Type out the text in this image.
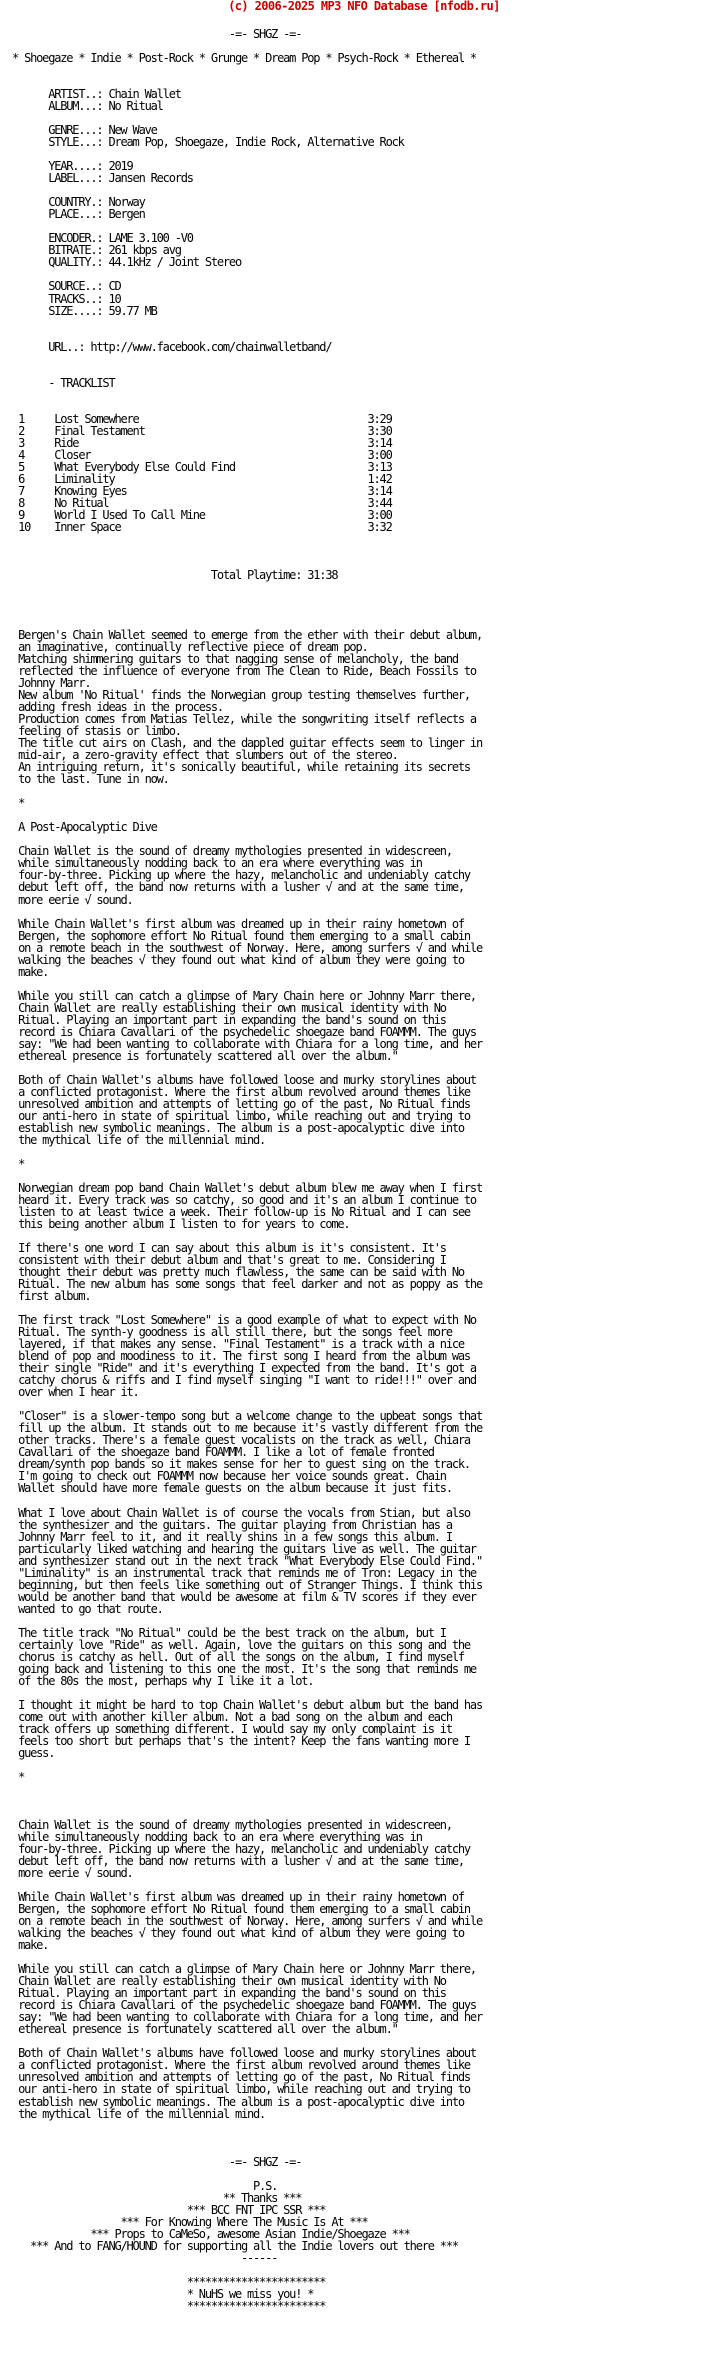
(c) 2006-2025 MP3 NFO Database [nfodb.ru]
-=- SHGZ -=-
* Shoegaze * Indie * Post-Rock * Grunge * Dream Pop * Psych-Rock * Ethereal *
ARTIST..: Chain Wallet
ALBUM...: No Ritual
GENRE...: New Wave
STYLE...: Dream Pop, Shoegaze, Indie Rock, Alternative Rock
YEAR....: 2019
LABEL...: Jansen Records
COUNTRY.: Norway
PLACE...: Bergen
ENCODER.: LAME 3.100 -V0
BITRATE.: 261 kbps avg
QUALITY.: 44.1kHz / Joint Stereo
SOURCE..: CD
TRACKS..: 10
SIZE....: 59.77 MB
URL..: http://www.facebook.com/chainwalletband/
- TRACKLIST
1     Lost Somewhere                                      3:29
2     Final Testament                                     3:30
3     Ride                                                3:14
4     Closer                                              3:00
5     What Everybody Else Could Find                      3:13
6     Liminality                                          1:42
7     Knowing Eyes                                        3:14
8     No Ritual                                           3:44
9     World I Used To Call Mine                           3:00
10    Inner Space                                         3:32
Total Playtime: 31:38
Bergen's Chain Wallet seemed to emerge from the ether with their debut album,
an imaginative, continually reflective piece of dream pop.
Matching shimmering guitars to that nagging sense of melancholy, the band
reflected the influence of everyone from The Clean to Ride, Beach Fossils to
Johnny Marr.
New album 'No Ritual' finds the Norwegian group testing themselves further,
adding fresh ideas in the process.
Production comes from Matias Tellez, while the songwriting itself reflects a
feeling of stasis or limbo.
The title cut airs on Clash, and the dappled guitar effects seem to linger in
mid-air, a zero-gravity effect that slumbers out of the stereo.
An intriguing return, it's sonically beautiful, while retaining its secrets
to the last. Tune in now.
*
A Post-Apocalyptic Dive
Chain Wallet is the sound of dreamy mythologies presented in widescreen,
while simultaneously nodding back to an era where everything was in
four-by-three. Picking up where the hazy, melancholic and undeniably catchy
debut left off, the band now returns with a lusher √ and at the same time,
more eerie √ sound.
While Chain Wallet's first album was dreamed up in their rainy hometown of
Bergen, the sophomore effort No Ritual found them emerging to a small cabin
on a remote beach in the southwest of Norway. Here, among surfers √ and while
walking the beaches √ they found out what kind of album they were going to
make.
While you still can catch a glimpse of Mary Chain here or Johnny Marr there,
Chain Wallet are really establishing their own musical identity with No
Ritual. Playing an important part in expanding the band's sound on this
record is Chiara Cavallari of the psychedelic shoegaze band FOAMMM. The guys
say: "We had been wanting to collaborate with Chiara for a long time, and her
ethereal presence is fortunately scattered all over the album."
Both of Chain Wallet's albums have followed loose and murky storylines about
a conflicted protagonist. Where the first album revolved around themes like
unresolved ambition and attempts of letting go of the past, No Ritual finds
our anti-hero in state of spiritual limbo, while reaching out and trying to
establish new symbolic meanings. The album is a post-apocalyptic dive into
the mythical life of the millennial mind.
*
Norwegian dream pop band Chain Wallet's debut album blew me away when I first
heard it. Every track was so catchy, so good and it's an album I continue to
listen to at least twice a week. Their follow-up is No Ritual and I can see
this being another album I listen to for years to come.
If there's one word I can say about this album is it's consistent. It's
consistent with their debut album and that's great to me. Considering I
thought their debut was pretty much flawless, the same can be said with No
Ritual. The new album has some songs that feel darker and not as poppy as the
first album.
The first track "Lost Somewhere" is a good example of what to expect with No
Ritual. The synth-y goodness is all still there, but the songs feel more
layered, if that makes any sense. "Final Testament" is a track with a nice
blend of pop and moodiness to it. The first song I heard from the album was
their single "Ride" and it's everything I expected from the band. It's got a
catchy chorus & riffs and I find myself singing "I want to ride!!!" over and
over when I hear it.
"Closer" is a slower-tempo song but a welcome change to the upbeat songs that
fill up the album. It stands out to me because it's vastly different from the
other tracks. There's a female guest vocalists on the track as well, Chiara
Cavallari of the shoegaze band FOAMMM. I like a lot of female fronted
dream/synth pop bands so it makes sense for her to guest sing on the track.
I'm going to check out FOAMMM now because her voice sounds great. Chain
Wallet should have more female guests on the album because it just fits.
What I love about Chain Wallet is of course the vocals from Stian, but also
the synthesizer and the guitars. The guitar playing from Christian has a
Johnny Marr feel to it, and it really shins in a few songs this album. I
particularly liked watching and hearing the guitars live as well. The guitar
and synthesizer stand out in the next track "What Everybody Else Could Find."
"Liminality" is an instrumental track that reminds me of Tron: Legacy in the
beginning, but then feels like something out of Stranger Things. I think this
would be another band that would be awesome at film & TV scores if they ever
wanted to go that route.
The title track "No Ritual" could be the best track on the album, but I
certainly love "Ride" as well. Again, love the guitars on this song and the
chorus is catchy as hell. Out of all the songs on the album, I find myself
going back and listening to this one the most. It's the song that reminds me
of the 80s the most, perhaps why I like it a lot.
I thought it might be hard to top Chain Wallet's debut album but the band has
come out with another killer album. Not a bad song on the album and each
track offers up something different. I would say my only complaint is it
feels too short but perhaps that's the intent? Keep the fans wanting more I
guess.
*
Chain Wallet is the sound of dreamy mythologies presented in widescreen,
while simultaneously nodding back to an era where everything was in
four-by-three. Picking up where the hazy, melancholic and undeniably catchy
debut left off, the band now returns with a lusher √ and at the same time,
more eerie √ sound.
While Chain Wallet's first album was dreamed up in their rainy hometown of
Bergen, the sophomore effort No Ritual found them emerging to a small cabin
on a remote beach in the southwest of Norway. Here, among surfers √ and while
walking the beaches √ they found out what kind of album they were going to
make.
While you still can catch a glimpse of Mary Chain here or Johnny Marr there,
Chain Wallet are really establishing their own musical identity with No
Ritual. Playing an important part in expanding the band's sound on this
record is Chiara Cavallari of the psychedelic shoegaze band FOAMMM. The guys
say: "We had been wanting to collaborate with Chiara for a long time, and her
ethereal presence is fortunately scattered all over the album."
Both of Chain Wallet's albums have followed loose and murky storylines about
a conflicted protagonist. Where the first album revolved around themes like
unresolved ambition and attempts of letting go of the past, No Ritual finds
our anti-hero in state of spiritual limbo, while reaching out and trying to
establish new symbolic meanings. The album is a post-apocalyptic dive into
the mythical life of the millennial mind.
-=- SHGZ -=-
P.S.
** Thanks ***
*** BCC FNT IPC SSR ***
*** For Knowing Where The Music Is At ***
*** Props to CaMeSo, awesome Asian Indie/Shoegaze ***
*** And to FANG/HOUND for supporting all the Indie lovers out there ***
------
***********************
* NuHS we miss you! *
***********************
